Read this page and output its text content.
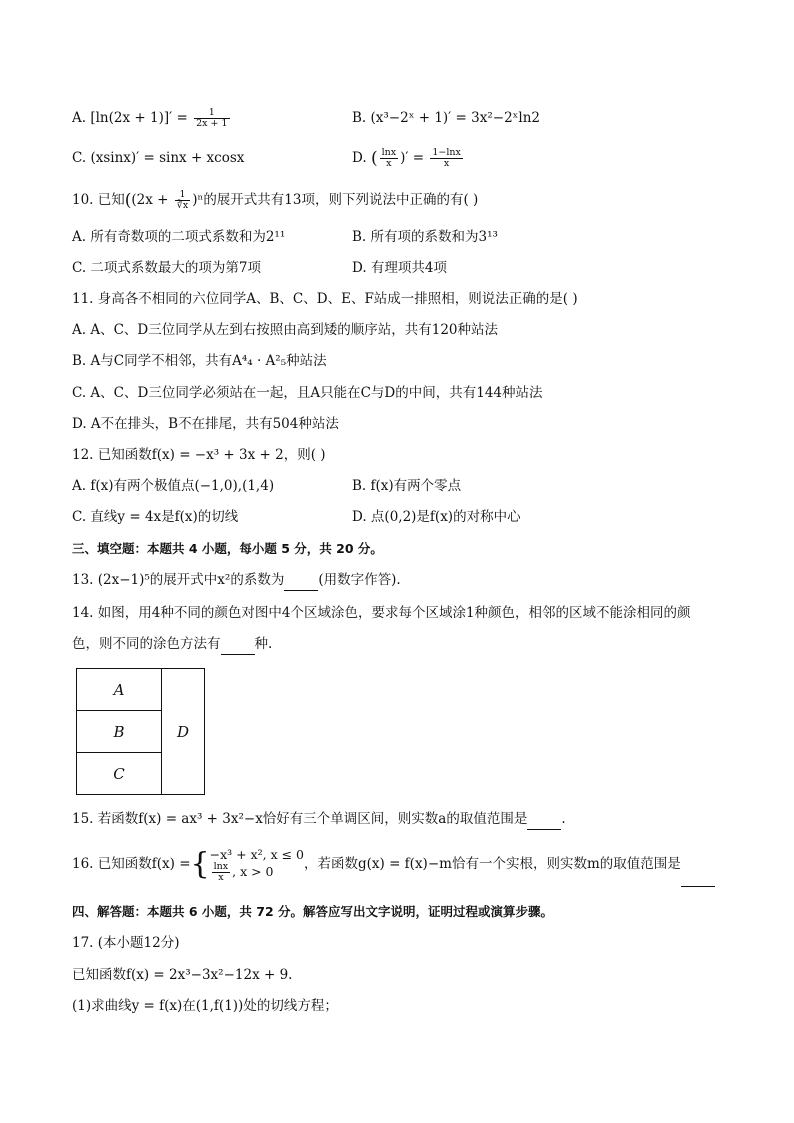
A. $[\ln(2x + 1)]' = \frac{1}{2x + 1}$	B. (x³−2ˣ + 1)′ = 3x²−2ˣln2
C. (xsinx)′ = sinx + xcosx	D. ( $\frac{\ln x}{x}$ )′ = $\frac{1-\ln x}{x}$
10. 已知($(2x + \frac{1}{∛x} )^n$的展开式共有13项，则下列说法中正确的有( )
A. 所有奇数项的二项式系数和为2¹¹	B. 所有项的系数和为3¹³
C. 二项式系数最大的项为第7项	D. 有理项共4项
11. 身高各不相同的六位同学A、B、C、D、E、F站成一排照相，则说法正确的是( )
A. A、C、D三位同学从左到右按照由高到矮的顺序站，共有120种站法
B. A与C同学不相邻，共有A⁴₄ · A²₅种站法
C. A、C、D三位同学必须站在一起，且A只能在C与D的中间，共有144种站法
D. A不在排头，B不在排尾，共有504种站法
12. 已知函数f(x) = −x³ + 3x + 2，则( )
A. f(x)有两个极值点(−1,0),(1,4)	B. f(x)有两个零点
C. 直线y = 4x是f(x)的切线	D. 点(0,2)是f(x)的对称中心
三、填空题：本题共 4 小题，每小题 5 分，共 20 分。
13. (2x−1)⁵的展开式中x²的系数为	(用数字作答).
14. 如图，用4种不同的颜色对图中4个区域涂色，要求每个区域涂1种颜色，相邻的区域不能涂相同的颜
色，则不同的涂色方法有	种.
A	D
B
C
15. 若函数f(x) = ax³ + 3x²−x恰好有三个单调区间，则实数a的取值范围是	.
16. 已知函数f(x) ={ −x³ + x², x ≤ 0
$\frac{\ln x}{x}$ , x > 0	，若函数g(x) = f(x)−m恰有一个实根，则实数m的取值范围是
四、解答题：本题共 6 小题，共 72 分。解答应写出文字说明，证明过程或演算步骤。
17. (本小题12分)
已知函数f(x) = 2x³−3x²−12x + 9.
(1)求曲线y = f(x)在(1,f(1))处的切线方程；
